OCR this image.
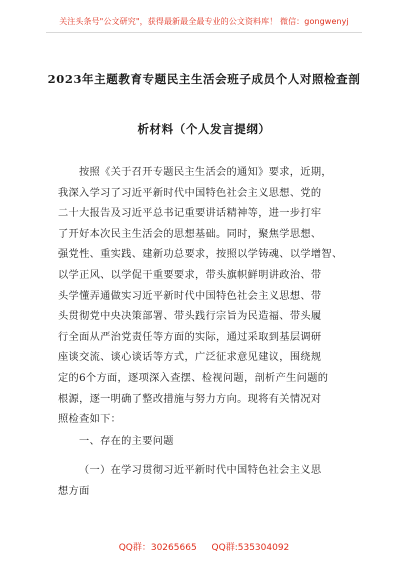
关注头条号"公文研究"，获得最新最全最专业的公文资料库！ 微信：gongwenyj
2023年主题教育专题民主生活会班子成员个人对照检查剖
析材料（个人发言提纲）
按照《关于召开专题民主生活会的通知》要求，近期，
我深入学习了习近平新时代中国特色社会主义思想、党的
二十大报告及习近平总书记重要讲话精神等，进一步打牢
了开好本次民主生活会的思想基础。同时，聚焦学思想、
强党性、重实践、建新功总要求，按照以学铸魂、以学增智、
以学正风、以学促干重要要求，带头旗帜鲜明讲政治、带
头学懂弄通做实习近平新时代中国特色社会主义思想、带
头贯彻党中央决策部署、带头践行宗旨为民造福、带头履
行全面从严治党责任等方面的实际，通过采取到基层调研
座谈交流、谈心谈话等方式，广泛征求意见建议，围绕规
定的6个方面，逐项深入查摆、检视问题，剖析产生问题的
根源，逐一明确了整改措施与努力方向。现将有关情况对
照检查如下：
一、存在的主要问题
（一）在学习贯彻习近平新时代中国特色社会主义思
想方面
QQ群：30265665 QQ群:535304092
